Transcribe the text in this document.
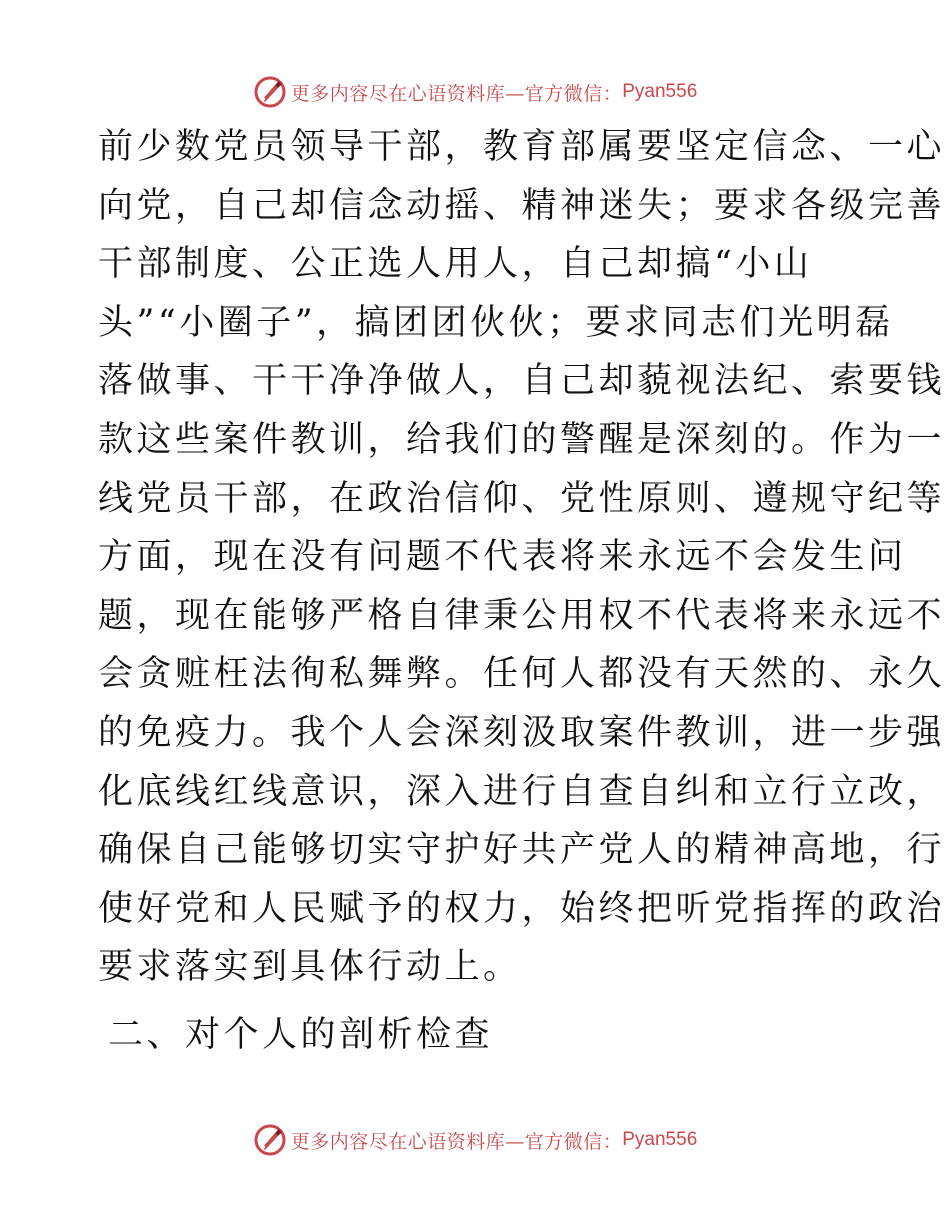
更多内容尽在心语资料库—官方微信： Pyan556
前少数党员领导干部，教育部属要坚定信念、一心
向党，自己却信念动摇、精神迷失；要求各级完善
干部制度、公正选人用人，自己却搞“小山
头”“小圈子”，搞团团伙伙；要求同志们光明磊
落做事、干干净净做人，自己却藐视法纪、索要钱
款这些案件教训，给我们的警醒是深刻的。作为一
线党员干部，在政治信仰、党性原则、遵规守纪等
方面，现在没有问题不代表将来永远不会发生问
题，现在能够严格自律秉公用权不代表将来永远不
会贪赃枉法徇私舞弊。任何人都没有天然的、永久
的免疫力。我个人会深刻汲取案件教训，进一步强
化底线红线意识，深入进行自查自纠和立行立改，
确保自己能够切实守护好共产党人的精神高地，行
使好党和人民赋予的权力，始终把听党指挥的政治
要求落实到具体行动上。
二、对个人的剖析检查
更多内容尽在心语资料库—官方微信： Pyan556
